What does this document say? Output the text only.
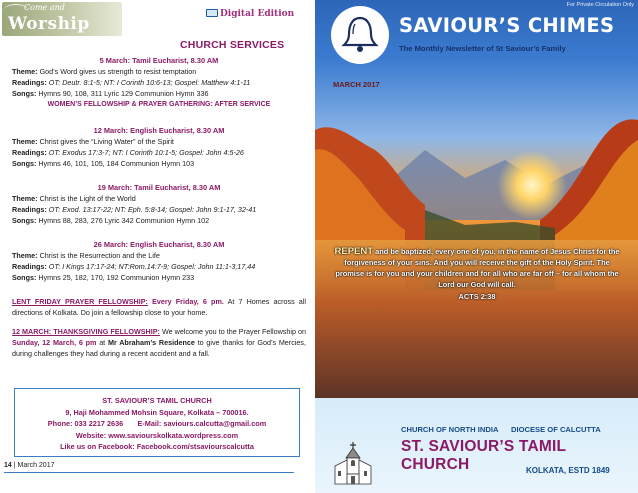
Come and
Worship	Digital Edition
CHURCH SERVICES
5 March: Tamil Eucharist, 8.30 AM
Theme: God’s Word gives us strength to resist temptation
Readings: OT: Deutr. 8:1-5; NT: I Corinth 10:6-13; Gospel: Matthew 4:1-11
Songs: Hymns 90, 108, 311 Lyric 129 Communion Hymn 336
WOMEN’S FELLOWSHIP & PRAYER GATHERING: AFTER SERVICE
12 March: English Eucharist, 8.30 AM
Theme: Christ gives the “Living Water” of the Spirit
Readings: OT: Exodus 17:3-7; NT: I Corinth 10:1-5; Gospel: John 4:5-26
Songs: Hymns 46, 101, 105, 184 Communion Hymn 103
19 March: Tamil Eucharist, 8.30 AM
Theme: Christ is the Light of the World
Readings: OT: Exod. 13:17-22; NT: Eph. 5:8-14; Gospel: John 9:1-17, 32-41
Songs: Hymns 88, 283, 276 Lyric 342 Communion Hymn 102
26 March: English Eucharist, 8.30 AM
Theme: Christ is the Resurrection and the Life
Readings: OT: I Kings 17:17-24; NT:Rom.14:7-9; Gospel: John 11:1-3,17,44
Songs: Hymns 25, 182, 170, 192 Communion Hymn 233
LENT FRIDAY PRAYER FELLOWSHIP: Every Friday, 6 pm. At 7 Homes across all directions of Kolkata. Do join a fellowship close to your home.
12 MARCH: THANKSGIVING FELLOWSHIP: We welcome you to the Prayer Fellowship on Sunday, 12 March, 6 pm at Mr Abraham’s Residence to give thanks for God’s Mercies, during challenges they had during a recent accident and a fall.
ST. SAVIOUR’S TAMIL CHURCH
9, Haji Mohammed Mohsin Square, Kolkata – 700016.
Phone: 033 2217 2636 E-Mail: saviours.calcutta@gmail.com
Website: www.saviourskolkata.wordpress.com
Like us on Facebook: Facebook.com/stsaviourscalcutta
14 | March 2017
For Private Circulation Only
SAVIOUR’S CHIMES
The Monthly Newsletter of St Saviour’s Family
MARCH 2017
REPENT and be baptized, every one of you, in the name of Jesus Christ for the forgiveness of your sins. And you will receive the gift of the Holy Spirit. The promise is for you and your children and for all who are far off – for all whom the Lord our God will call.
ACTS 2:38
CHURCH OF NORTH INDIA DIOCESE OF CALCUTTA
ST. SAVIOUR’S TAMIL CHURCH	KOLKATA, ESTD 1849
